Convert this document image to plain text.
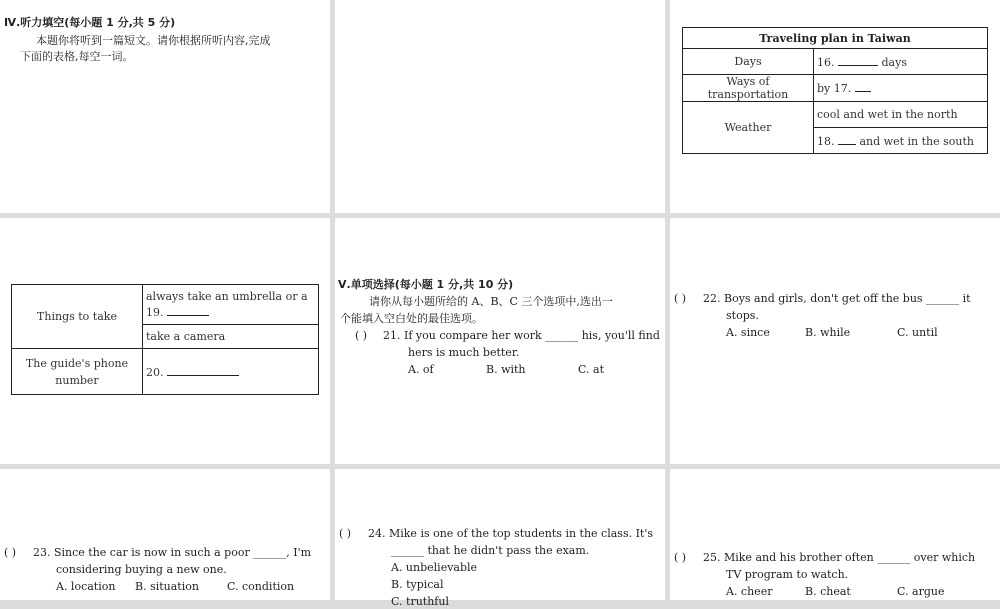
Ⅳ.听力填空(每小题 1 分,共 5 分)
本题你将听到一篇短文。请你根据所听内容,完成
下面的表格,每空一词。
Traveling plan in Taiwan	
Days	16. days
Ways of transportation	by 17.
Weather	cool and wet in the north
	18. and wet in the south
Things to take	always take an umbrella or a
19.

	take a camera

The guide's phone
number	20.
Ⅴ.单项选择(每小题 1 分,共 10 分)
请你从每小题所给的 A、B、C 三个选项中,选出一
个能填入空白处的最佳选项。
( ) 21. If you compare her work ______ his, you'll find
hers is much better.
A. of	B. with	C. at
( ) 22. Boys and girls, don't get off the bus ______ it
stops.
A. since	B. while	C. until
( ) 23. Since the car is now in such a poor ______, I'm
considering buying a new one.
A. location B. situation	C. condition
( ) 24. Mike is one of the top students in the class. It's
______ that he didn't pass the exam.
A. unbelievable
B. typical
C. truthful
( ) 25. Mike and his brother often ______ over which
TV program to watch.
A. cheer	B. cheat	C. argue
